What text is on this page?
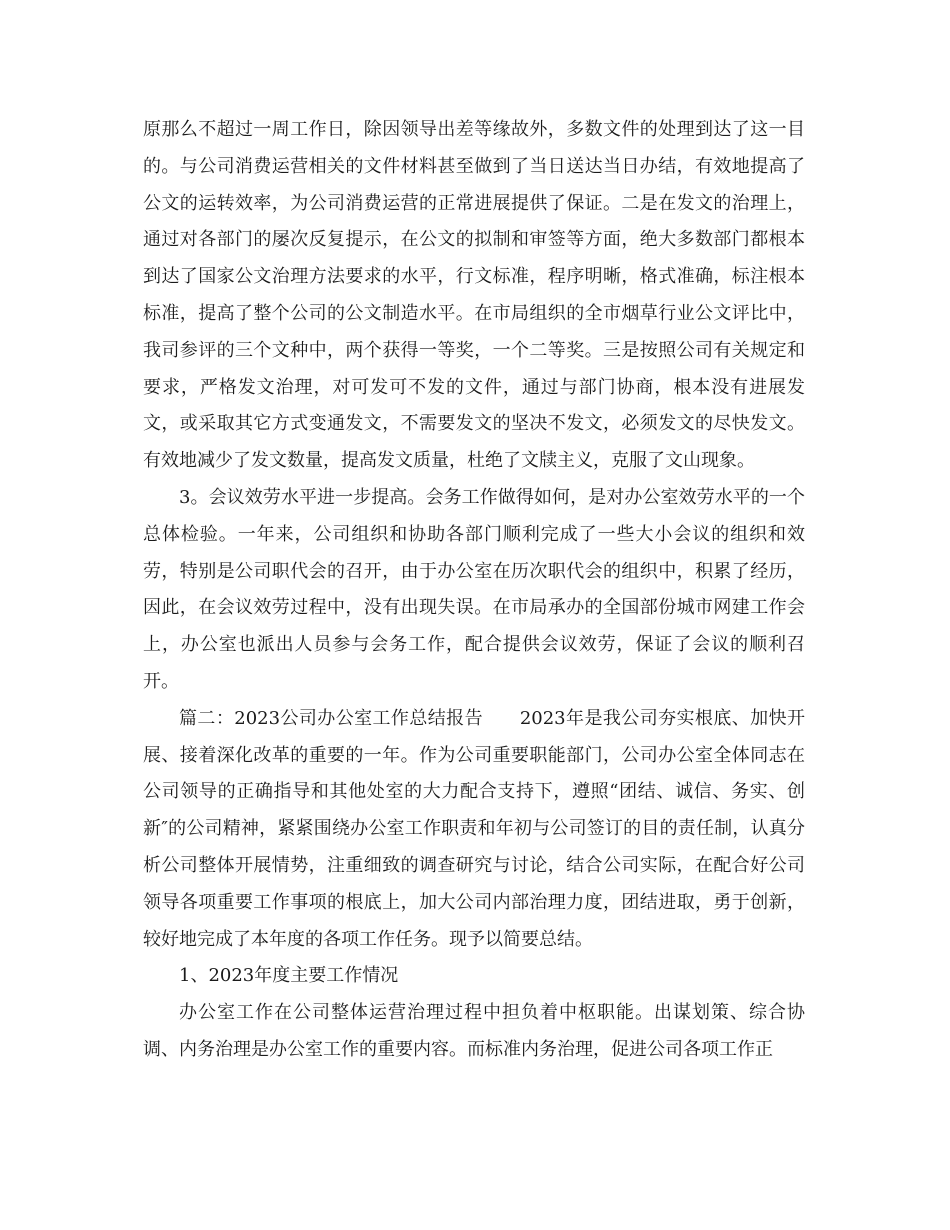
原那么不超过一周工作日，除因领导出差等缘故外，多数文件的处理到达了这一目的。与公司消费运营相关的文件材料甚至做到了当日送达当日办结，有效地提高了公文的运转效率，为公司消费运营的正常进展提供了保证。二是在发文的治理上，通过对各部门的屡次反复提示，在公文的拟制和审签等方面，绝大多数部门都根本到达了国家公文治理方法要求的水平，行文标准，程序明晰，格式准确，标注根本标准，提高了整个公司的公文制造水平。在市局组织的全市烟草行业公文评比中，我司参评的三个文种中，两个获得一等奖，一个二等奖。三是按照公司有关规定和要求，严格发文治理，对可发可不发的文件，通过与部门协商，根本没有进展发文，或采取其它方式变通发文，不需要发文的坚决不发文，必须发文的尽快发文。有效地减少了发文数量，提高发文质量，杜绝了文牍主义，克服了文山现象。

3。会议效劳水平进一步提高。会务工作做得如何，是对办公室效劳水平的一个总体检验。一年来，公司组织和协助各部门顺利完成了一些大小会议的组织和效劳，特别是公司职代会的召开，由于办公室在历次职代会的组织中，积累了经历，因此，在会议效劳过程中，没有出现失误。在市局承办的全国部份城市网建工作会上，办公室也派出人员参与会务工作，配合提供会议效劳，保证了会议的顺利召开。

篇二：2023公司办公室工作总结报告　　2023年是我公司夯实根底、加快开展、接着深化改革的重要的一年。作为公司重要职能部门，公司办公室全体同志在公司领导的正确指导和其他处室的大力配合支持下，遵照“团结、诚信、务实、创新″的公司精神，紧紧围绕办公室工作职责和年初与公司签订的目的责任制，认真分析公司整体开展情势，注重细致的调查研究与讨论，结合公司实际，在配合好公司领导各项重要工作事项的根底上，加大公司内部治理力度，团结进取，勇于创新，较好地完成了本年度的各项工作任务。现予以简要总结。

1、2023年度主要工作情况

办公室工作在公司整体运营治理过程中担负着中枢职能。出谋划策、综合协调、内务治理是办公室工作的重要内容。而标准内务治理，促进公司各项工作正
